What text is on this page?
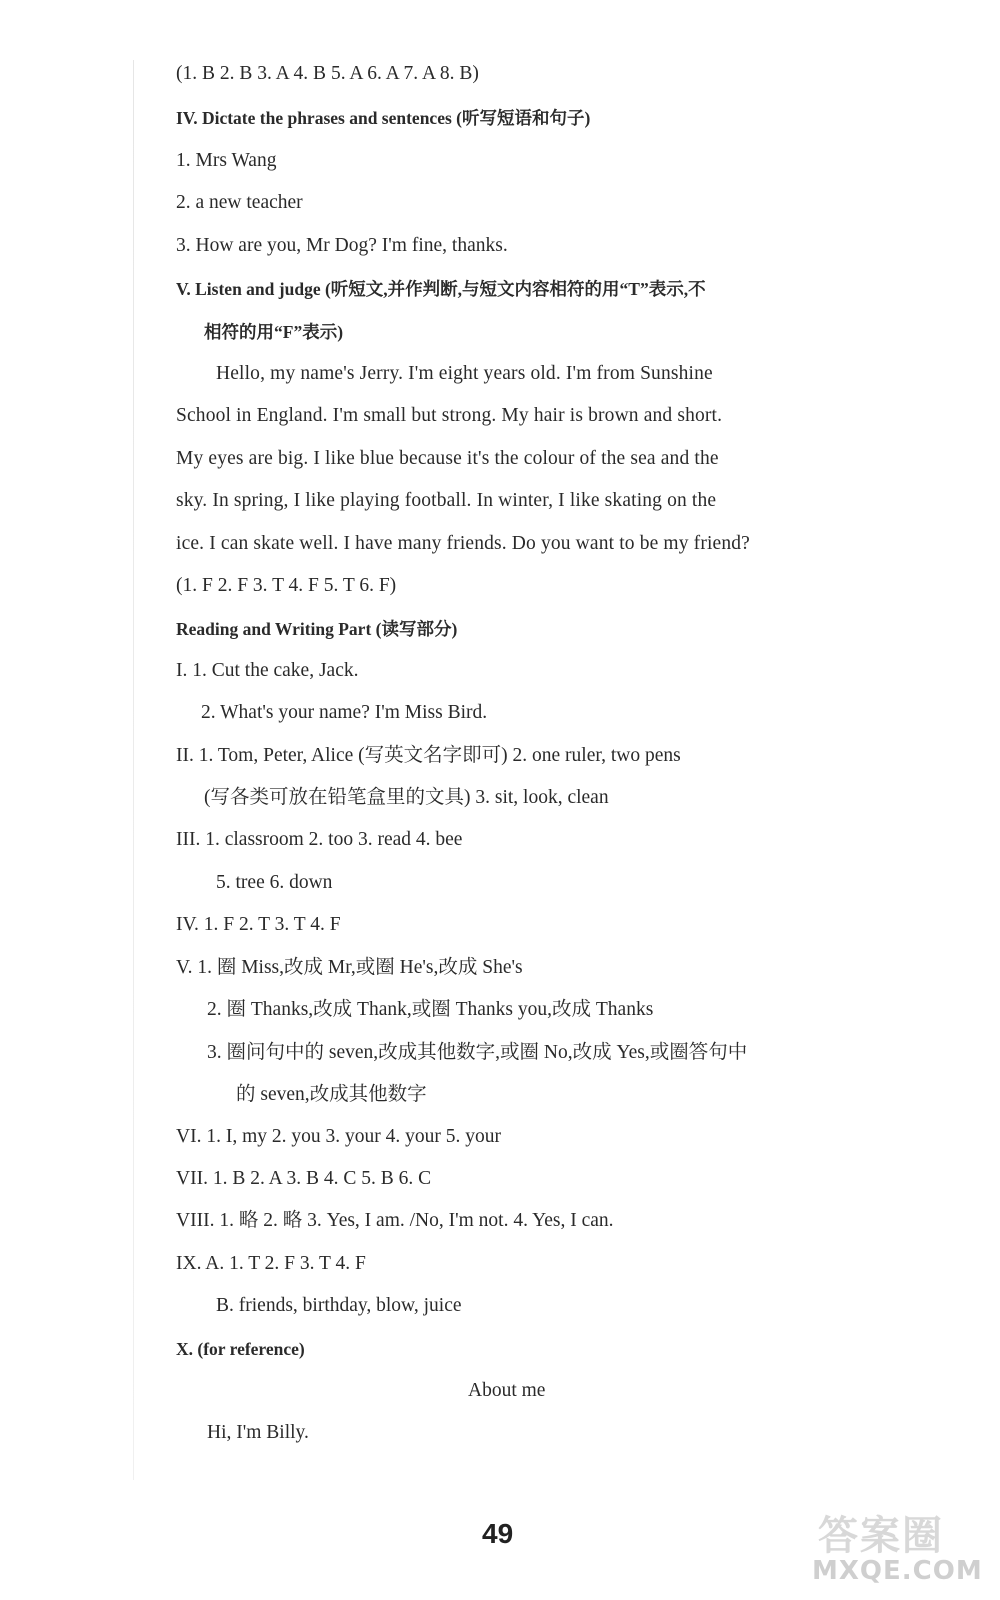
(1. B 2. B 3. A 4. B 5. A 6. A 7. A 8. B)
IV. Dictate the phrases and sentences (听写短语和句子)
1. Mrs Wang
2. a new teacher
3. How are you, Mr Dog? I'm fine, thanks.
V. Listen and judge (听短文,并作判断,与短文内容相符的用“T”表示,不
相符的用“F”表示)
Hello, my name's Jerry. I'm eight years old. I'm from Sunshine
School in England. I'm small but strong. My hair is brown and short.
My eyes are big. I like blue because it's the colour of the sea and the
sky. In spring, I like playing football. In winter, I like skating on the
ice. I can skate well. I have many friends. Do you want to be my friend?
(1. F 2. F 3. T 4. F 5. T 6. F)
Reading and Writing Part (读写部分)
I. 1. Cut the cake, Jack.
2. What's your name? I'm Miss Bird.
II. 1. Tom, Peter, Alice (写英文名字即可) 2. one ruler, two pens
(写各类可放在铅笔盒里的文具) 3. sit, look, clean
III. 1. classroom 2. too 3. read 4. bee
5. tree 6. down
IV. 1. F 2. T 3. T 4. F
V. 1. 圈 Miss,改成 Mr,或圈 He's,改成 She's
2. 圈 Thanks,改成 Thank,或圈 Thanks you,改成 Thanks
3. 圈问句中的 seven,改成其他数字,或圈 No,改成 Yes,或圈答句中
的 seven,改成其他数字
VI. 1. I, my 2. you 3. your 4. your 5. your
VII. 1. B 2. A 3. B 4. C 5. B 6. C
VIII. 1. 略 2. 略 3. Yes, I am. /No, I'm not. 4. Yes, I can.
IX. A. 1. T 2. F 3. T 4. F
B. friends, birthday, blow, juice
X. (for reference)
About me
Hi, I'm Billy.
49	答案圈
MXQE.COM
